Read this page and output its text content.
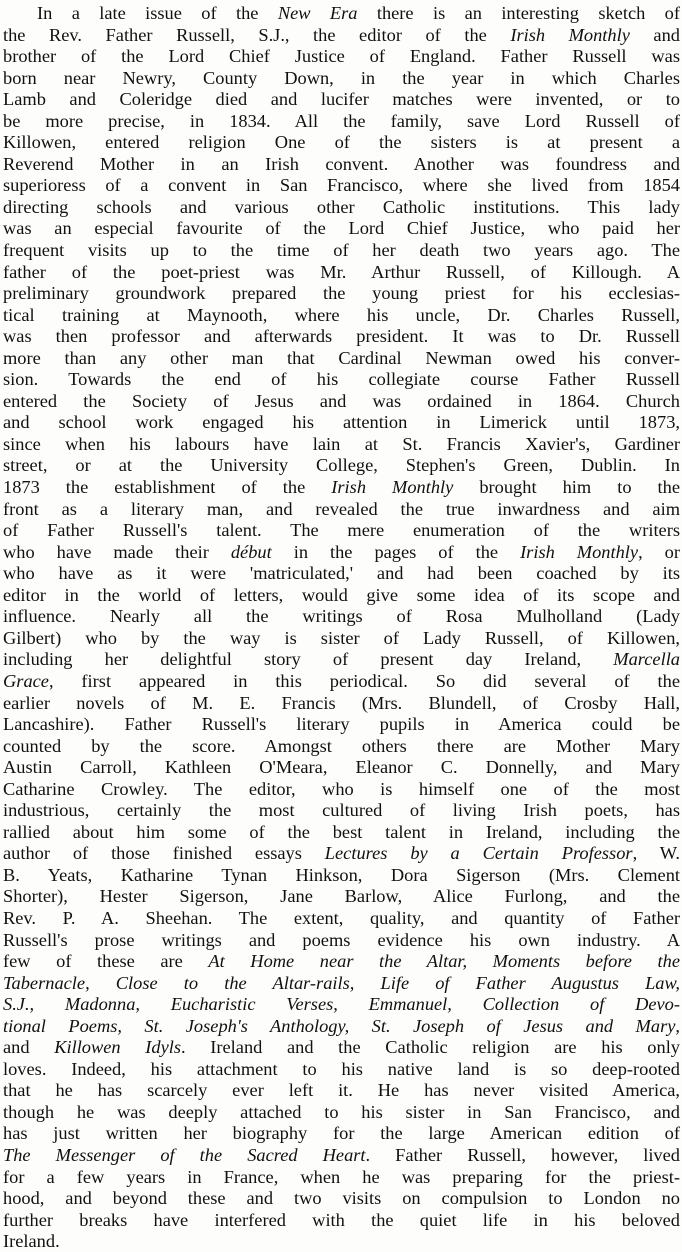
In a late issue of the New Era there is an interesting sketch of
the Rev. Father Russell, S.J., the editor of the Irish Monthly and
brother of the Lord Chief Justice of England. Father Russell was
born near Newry, County Down, in the year in which Charles
Lamb and Coleridge died and lucifer matches were invented, or to
be more precise, in 1834. All the family, save Lord Russell of
Killowen, entered religion One of the sisters is at present a
Reverend Mother in an Irish convent. Another was foundress and
superioress of a convent in San Francisco, where she lived from 1854
directing schools and various other Catholic institutions. This lady
was an especial favourite of the Lord Chief Justice, who paid her
frequent visits up to the time of her death two years ago. The
father of the poet-priest was Mr. Arthur Russell, of Killough. A
preliminary groundwork prepared the young priest for his ecclesias-
tical training at Maynooth, where his uncle, Dr. Charles Russell,
was then professor and afterwards president. It was to Dr. Russell
more than any other man that Cardinal Newman owed his conver-
sion. Towards the end of his collegiate course Father Russell
entered the Society of Jesus and was ordained in 1864. Church
and school work engaged his attention in Limerick until 1873,
since when his labours have lain at St. Francis Xavier's, Gardiner
street, or at the University College, Stephen's Green, Dublin. In
1873 the establishment of the Irish Monthly brought him to the
front as a literary man, and revealed the true inwardness and aim
of Father Russell's talent. The mere enumeration of the writers
who have made their début in the pages of the Irish Monthly, or
who have as it were 'matriculated,' and had been coached by its
editor in the world of letters, would give some idea of its scope and
influence. Nearly all the writings of Rosa Mulholland (Lady
Gilbert) who by the way is sister of Lady Russell, of Killowen,
including her delightful story of present day Ireland, Marcella
Grace, first appeared in this periodical. So did several of the
earlier novels of M. E. Francis (Mrs. Blundell, of Crosby Hall,
Lancashire). Father Russell's literary pupils in America could be
counted by the score. Amongst others there are Mother Mary
Austin Carroll, Kathleen O'Meara, Eleanor C. Donnelly, and Mary
Catharine Crowley. The editor, who is himself one of the most
industrious, certainly the most cultured of living Irish poets, has
rallied about him some of the best talent in Ireland, including the
author of those finished essays Lectures by a Certain Professor, W.
B. Yeats, Katharine Tynan Hinkson, Dora Sigerson (Mrs. Clement
Shorter), Hester Sigerson, Jane Barlow, Alice Furlong, and the
Rev. P. A. Sheehan. The extent, quality, and quantity of Father
Russell's prose writings and poems evidence his own industry. A
few of these are At Home near the Altar, Moments before the
Tabernacle, Close to the Altar-rails, Life of Father Augustus Law,
S.J., Madonna, Eucharistic Verses, Emmanuel, Collection of Devo-
tional Poems, St. Joseph's Anthology, St. Joseph of Jesus and Mary,
and Killowen Idyls. Ireland and the Catholic religion are his only
loves. Indeed, his attachment to his native land is so deep-rooted
that he has scarcely ever left it. He has never visited America,
though he was deeply attached to his sister in San Francisco, and
has just written her biography for the large American edition of
The Messenger of the Sacred Heart. Father Russell, however, lived
for a few years in France, when he was preparing for the priest-
hood, and beyond these and two visits on compulsion to London no
further breaks have interfered with the quiet life in his beloved
Ireland.
